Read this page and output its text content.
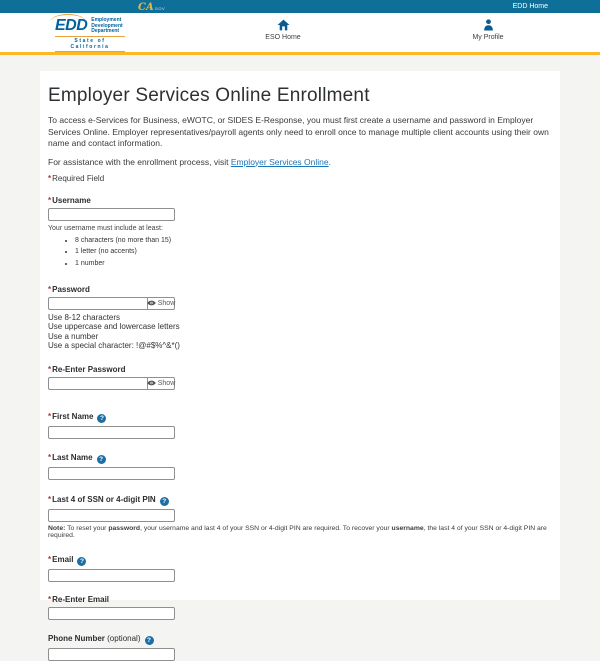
CAGOV	EDD Home
EDD Employment
Development
Department
State of California
ESO Home	My Profile
Employer Services Online Enrollment

To access e-Services for Business, eWOTC, or SIDES E-Response, you must first create a username and password in Employer Services Online. Employer representatives/payroll agents only need to enroll once to manage multiple client accounts using their own name and contact information.

For assistance with the enrollment process, visit Employer Services Online.

*Required Field

*Username
Your username must include at least:
• 8 characters (no more than 15)
• 1 letter (no accents)
• 1 number
*Password
Show
Use 8-12 characters
Use uppercase and lowercase letters
Use a number
Use a special character: !@#$%^&*()
*Re-Enter Password
Show
*First Name ?
*Last Name ?
*Last 4 of SSN or 4-digit PIN ?
Note: To reset your password, your username and last 4 of your SSN or 4-digit PIN are required. To recover your username, the last 4 of your SSN or 4-digit PIN are required.
*Email ?
*Re-Enter Email
Phone Number (optional) ?
